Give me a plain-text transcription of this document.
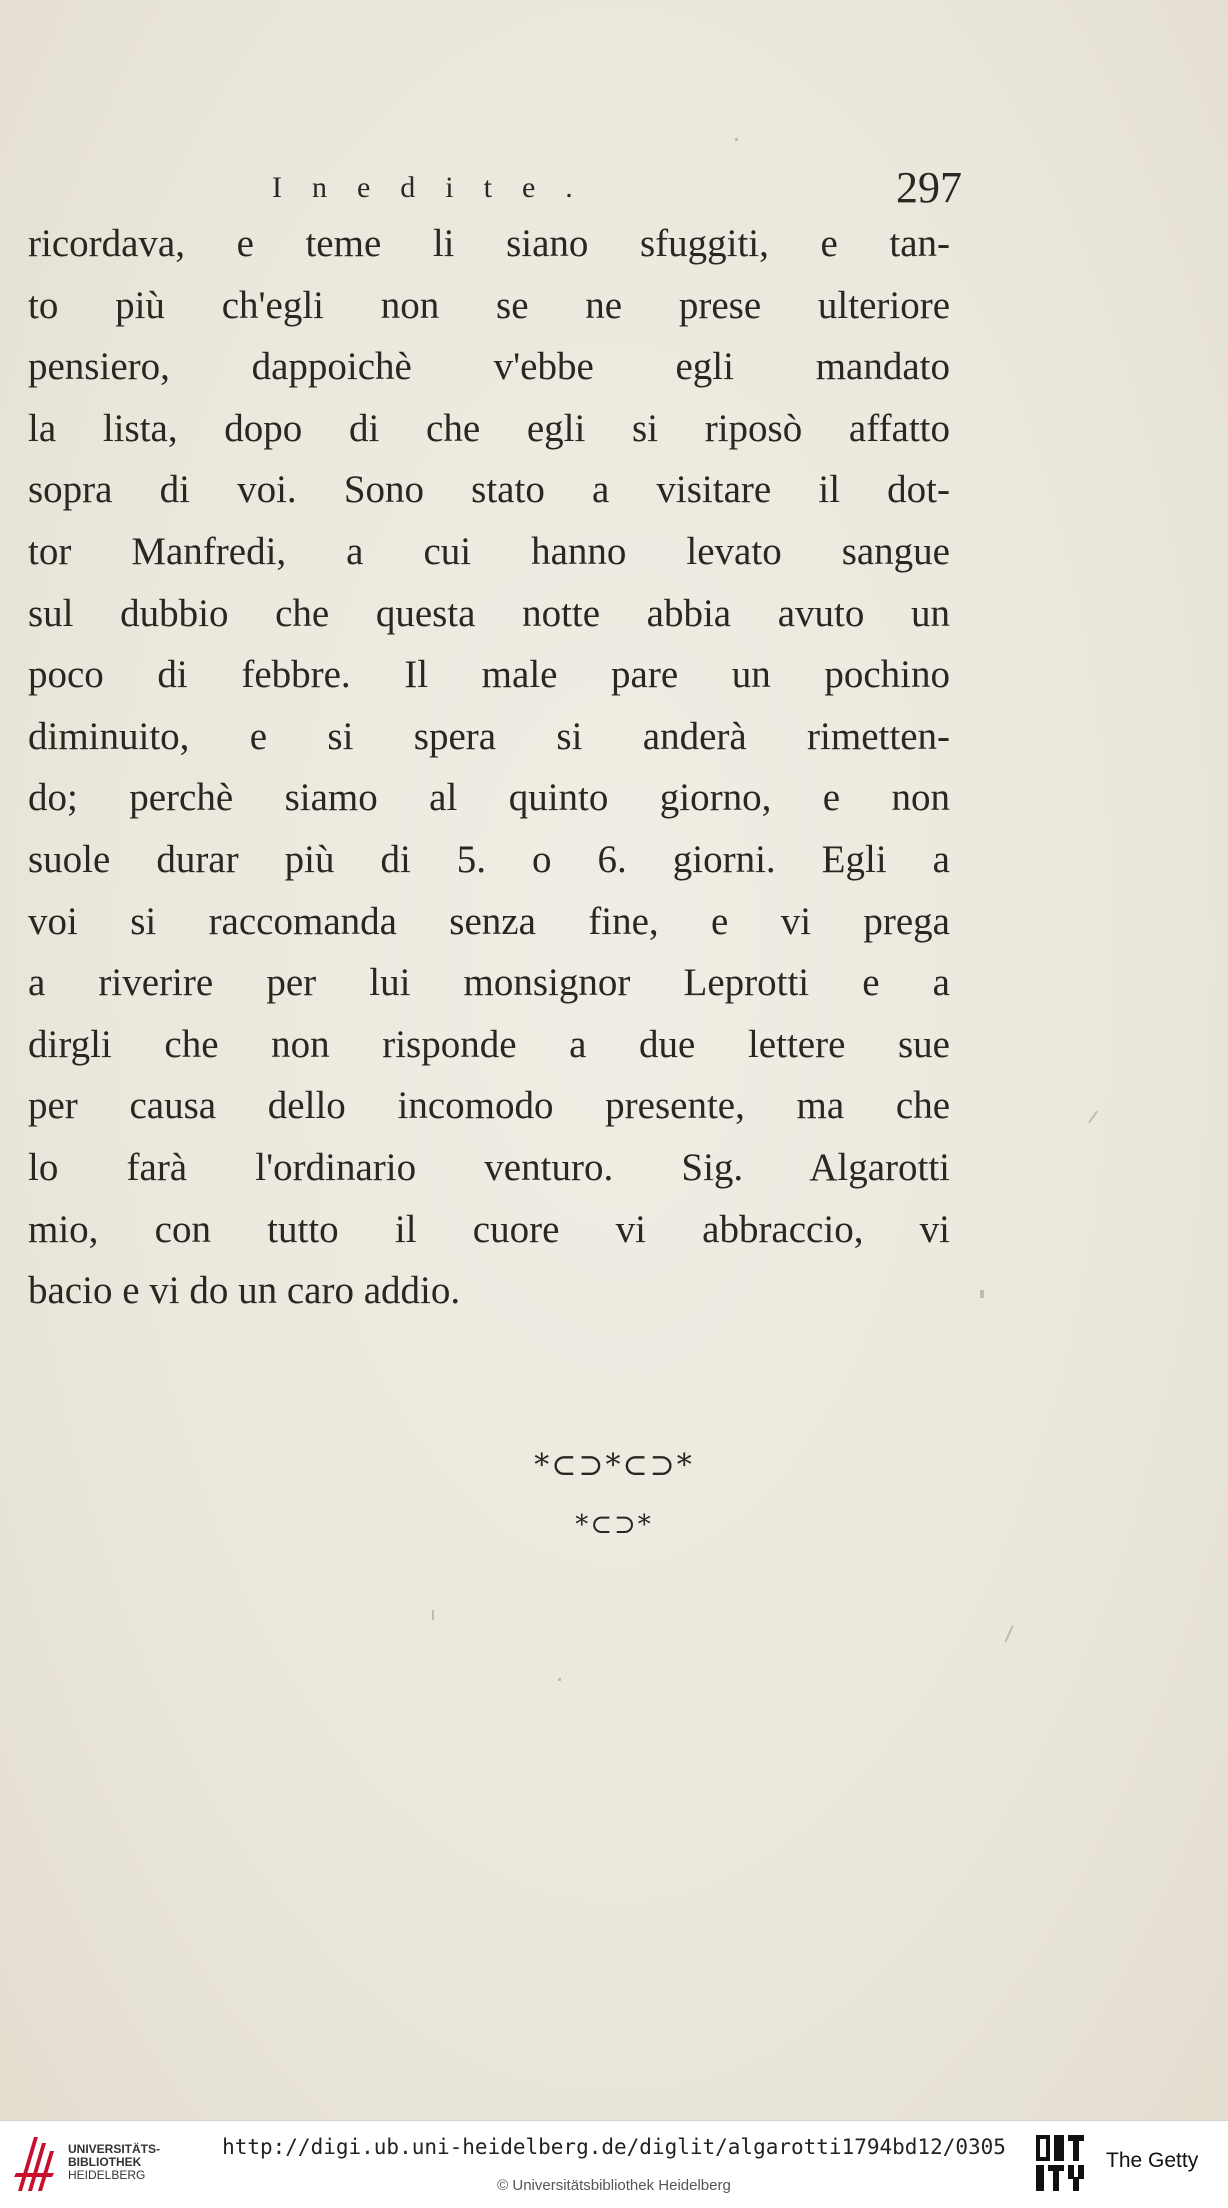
Inedite.	297
ricordava, e teme li siano sfuggiti, e tan-
to più ch'egli non se ne prese ulteriore
pensiero, dappoichè v'ebbe egli mandato
la lista, dopo di che egli si riposò affatto
sopra di voi. Sono stato a visitare il dot-
tor Manfredi, a cui hanno levato sangue
sul dubbio che questa notte abbia avuto un
poco di febbre. Il male pare un pochino
diminuito, e si spera si anderà rimetten-
do; perchè siamo al quinto giorno, e non
suole durar più di 5. o 6. giorni. Egli a
voi si raccomanda senza fine, e vi prega
a riverire per lui monsignor Leprotti e a
dirgli che non risponde a due lettere sue
per causa dello incomodo presente, ma che
lo farà l'ordinario venturo. Sig. Algarotti
mio, con tutto il cuore vi abbraccio, vi
bacio e vi do un caro addio.
*⊂⊃*⊂⊃*
*⊂⊃*
UNIVERSITÄTS-
BIBLIOTHEK
HEIDELBERG
http://digi.ub.uni-heidelberg.de/diglit/algarotti1794bd12/0305
© Universitätsbibliothek Heidelberg
The Getty
